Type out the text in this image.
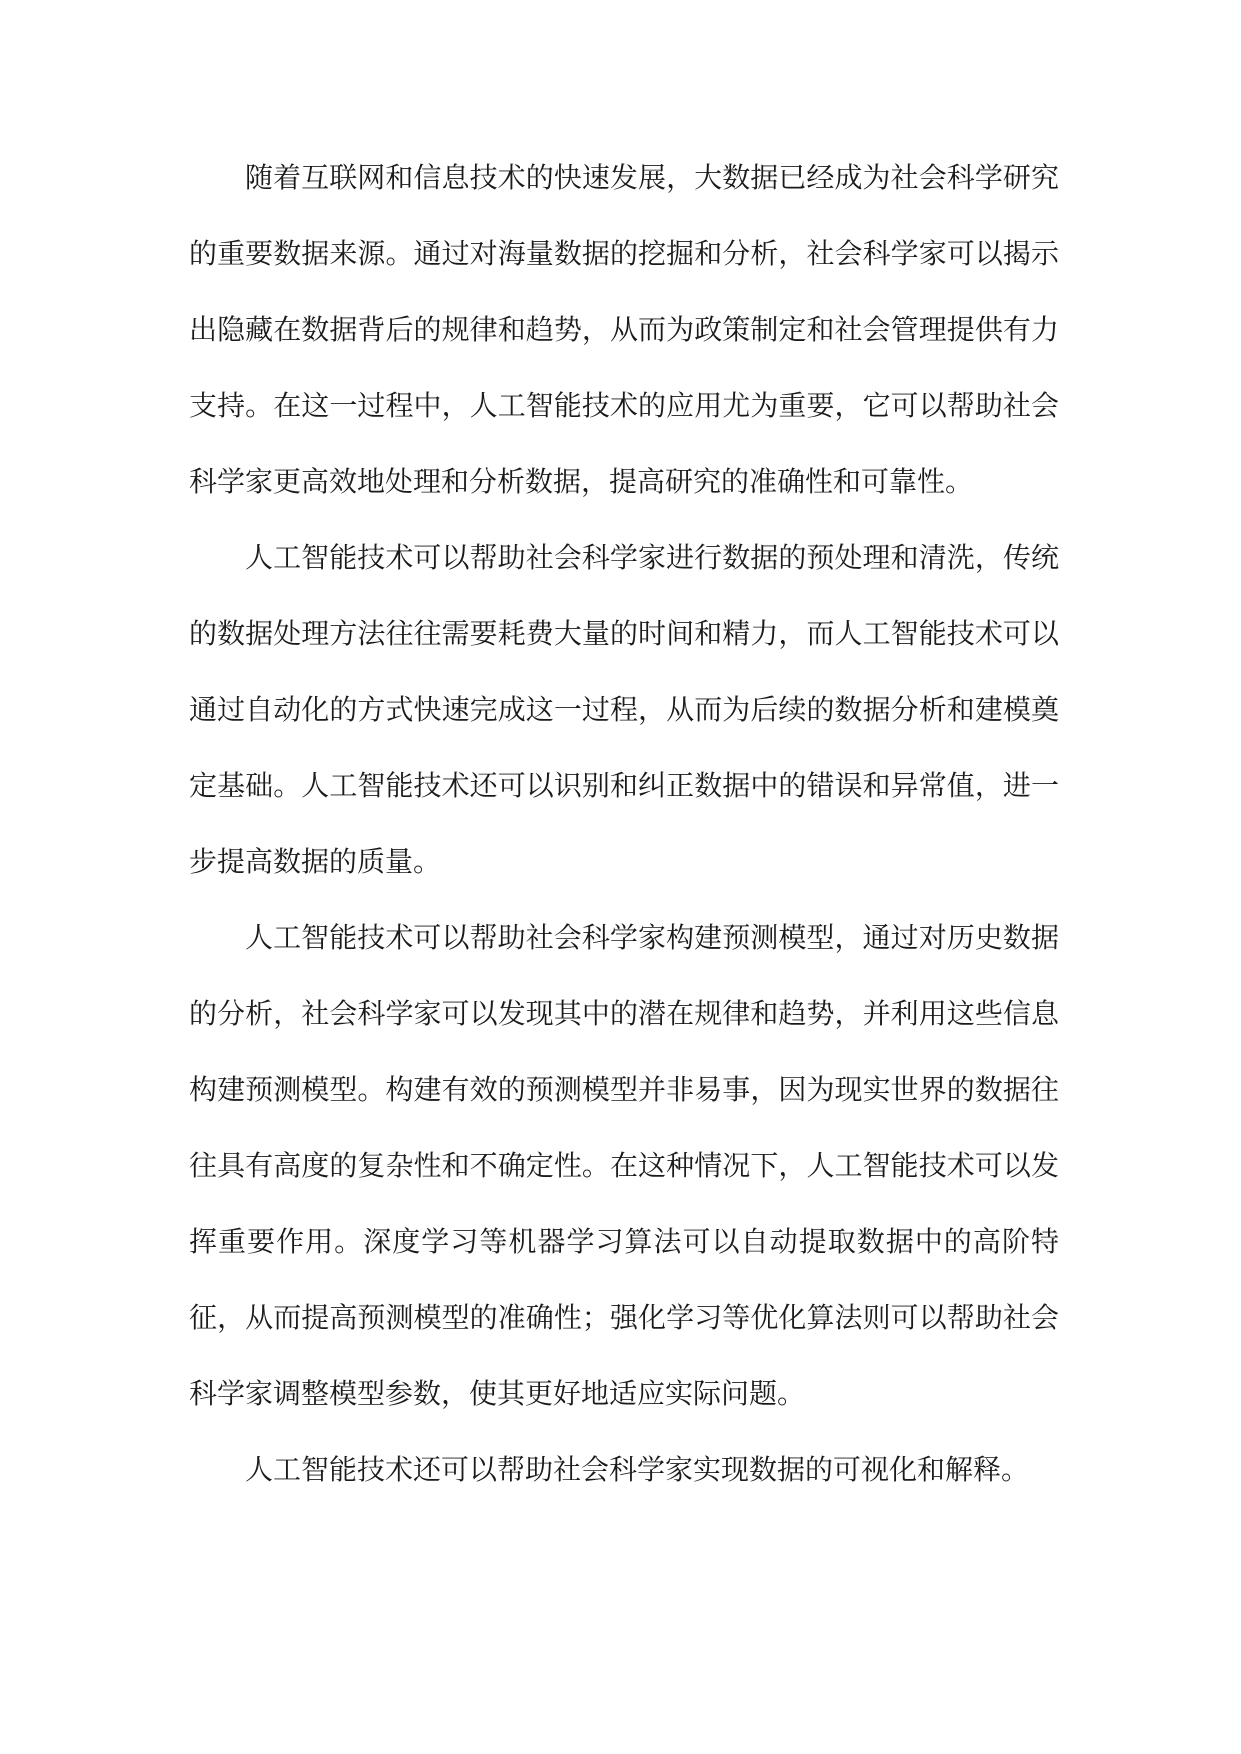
随着互联网和信息技术的快速发展，大数据已经成为社会科学研究的重要数据来源。通过对海量数据的挖掘和分析，社会科学家可以揭示出隐藏在数据背后的规律和趋势，从而为政策制定和社会管理提供有力支持。在这一过程中，人工智能技术的应用尤为重要，它可以帮助社会科学家更高效地处理和分析数据，提高研究的准确性和可靠性。

人工智能技术可以帮助社会科学家进行数据的预处理和清洗，传统的数据处理方法往往需要耗费大量的时间和精力，而人工智能技术可以通过自动化的方式快速完成这一过程，从而为后续的数据分析和建模奠定基础。人工智能技术还可以识别和纠正数据中的错误和异常值，进一步提高数据的质量。

人工智能技术可以帮助社会科学家构建预测模型，通过对历史数据的分析，社会科学家可以发现其中的潜在规律和趋势，并利用这些信息构建预测模型。构建有效的预测模型并非易事，因为现实世界的数据往往具有高度的复杂性和不确定性。在这种情况下，人工智能技术可以发挥重要作用。深度学习等机器学习算法可以自动提取数据中的高阶特征，从而提高预测模型的准确性；强化学习等优化算法则可以帮助社会科学家调整模型参数，使其更好地适应实际问题。

人工智能技术还可以帮助社会科学家实现数据的可视化和解释。
